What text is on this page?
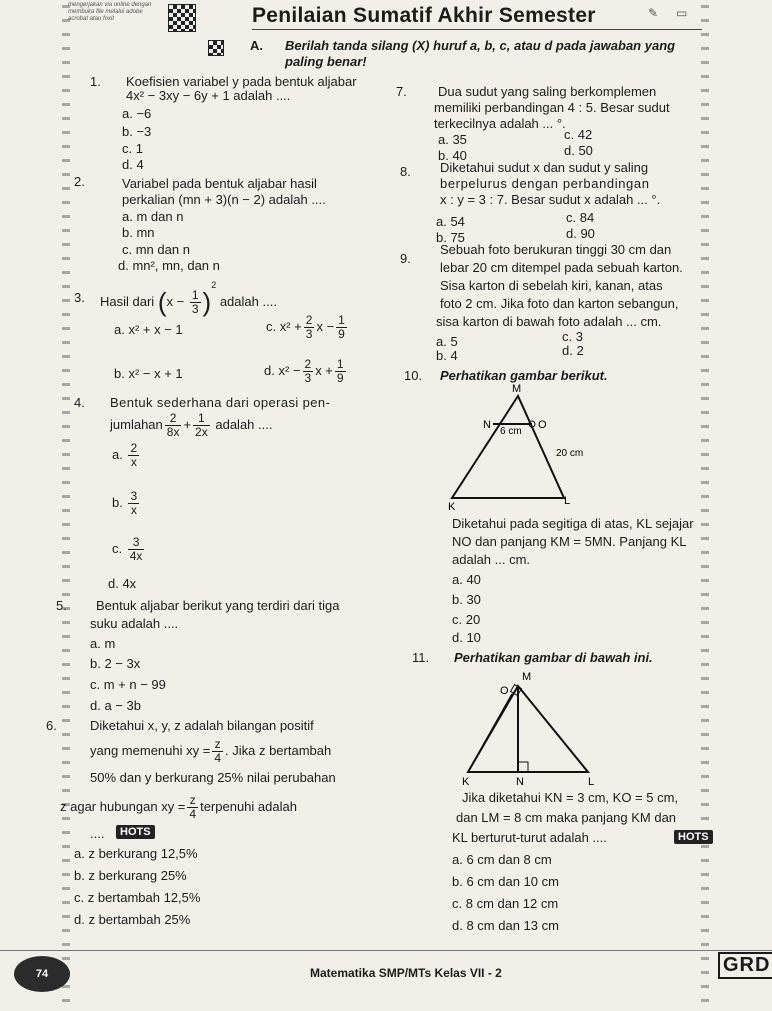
mengerjakan via online dengan membuka file melalui adobe acrobat atau foxit	Penilaian Sumatif Akhir Semester	✎ ▭
A. Berilah tanda silang (X) huruf a, b, c, atau d pada jawaban yang paling benar!
1. Koefisien variabel y pada bentuk aljabar
4x² − 3xy − 6y + 1 adalah ....
a. −6
b. −3
c. 1
d. 4
2.	Variabel pada bentuk aljabar hasil
perkalian (mn + 3)(n − 2) adalah ....
a. m dan n
b. mn
c. mn dan n
d. mn², mn, dan n
3. Hasil dari $(x - \frac{1}{3} )^2$ adalah ....
a. x² + x − 1	c. $x^2 + \frac{2}{3}$ $x - \frac{1}{9}$
b. x² − x + 1	d. $x^2 - \frac{2}{3}$ $x + \frac{1}{9}$
4. Bentuk sederhana dari operasi pen-
jumlahan $\frac{2}{8x} + \frac{1}{2x}$ adalah ....
a. $\frac{2}{x}$
b. $\frac{3}{x}$
c. $\frac{3}{4x}$
d. 4x
5. Bentuk aljabar berikut yang terdiri dari tiga
suku adalah ....
a. m
b. 2 − 3x
c. m + n − 99
d. a − 3b
6.	Diketahui x, y, z adalah bilangan positif
yang memenuhi xy = $\frac{z}{4}$ . Jika z bertambah
50% dan y berkurang 25% nilai perubahan
z agar hubungan xy = $\frac{z}{4}$ terpenuhi adalah
....	HOTS
a. z berkurang 12,5%
b. z berkurang 25%
c. z bertambah 12,5%
d. z bertambah 25%
7. Dua sudut yang saling berkomplemen
memiliki perbandingan 4 : 5. Besar sudut
terkecilnya adalah ... °.
a. 35	c. 42
b. 40	d. 50
8. Diketahui sudut x dan sudut y saling
berpelurus dengan perbandingan
x : y = 3 : 7. Besar sudut x adalah ... °.
a. 54	c. 84
b. 75	d. 90
9.
Sebuah foto berukuran tinggi 30 cm dan
lebar 20 cm ditempel pada sebuah karton.
Sisa karton di sebelah kiri, kanan, atas
foto 2 cm. Jika foto dan karton sebangun,
sisa karton di bawah foto adalah ... cm.
a. 5	c. 3
b. 4	d. 2
10. Perhatikan gambar berikut.
M
N	O
K	L
6 cm
20 cm
Diketahui pada segitiga di atas, KL sejajar
NO dan panjang KM = 5MN. Panjang KL
adalah ... cm.
a. 40
b. 30
c. 20
d. 10
11. Perhatikan gambar di bawah ini.
M
O
K	N	L
Jika diketahui KN = 3 cm, KO = 5 cm,
dan LM = 8 cm maka panjang KM dan
KL berturut-turut adalah ....	HOTS
a. 6 cm dan 8 cm
b. 6 cm dan 10 cm
c. 8 cm dan 12 cm
d. 8 cm dan 13 cm
74	Matematika SMP/MTs Kelas VII - 2	GRD
